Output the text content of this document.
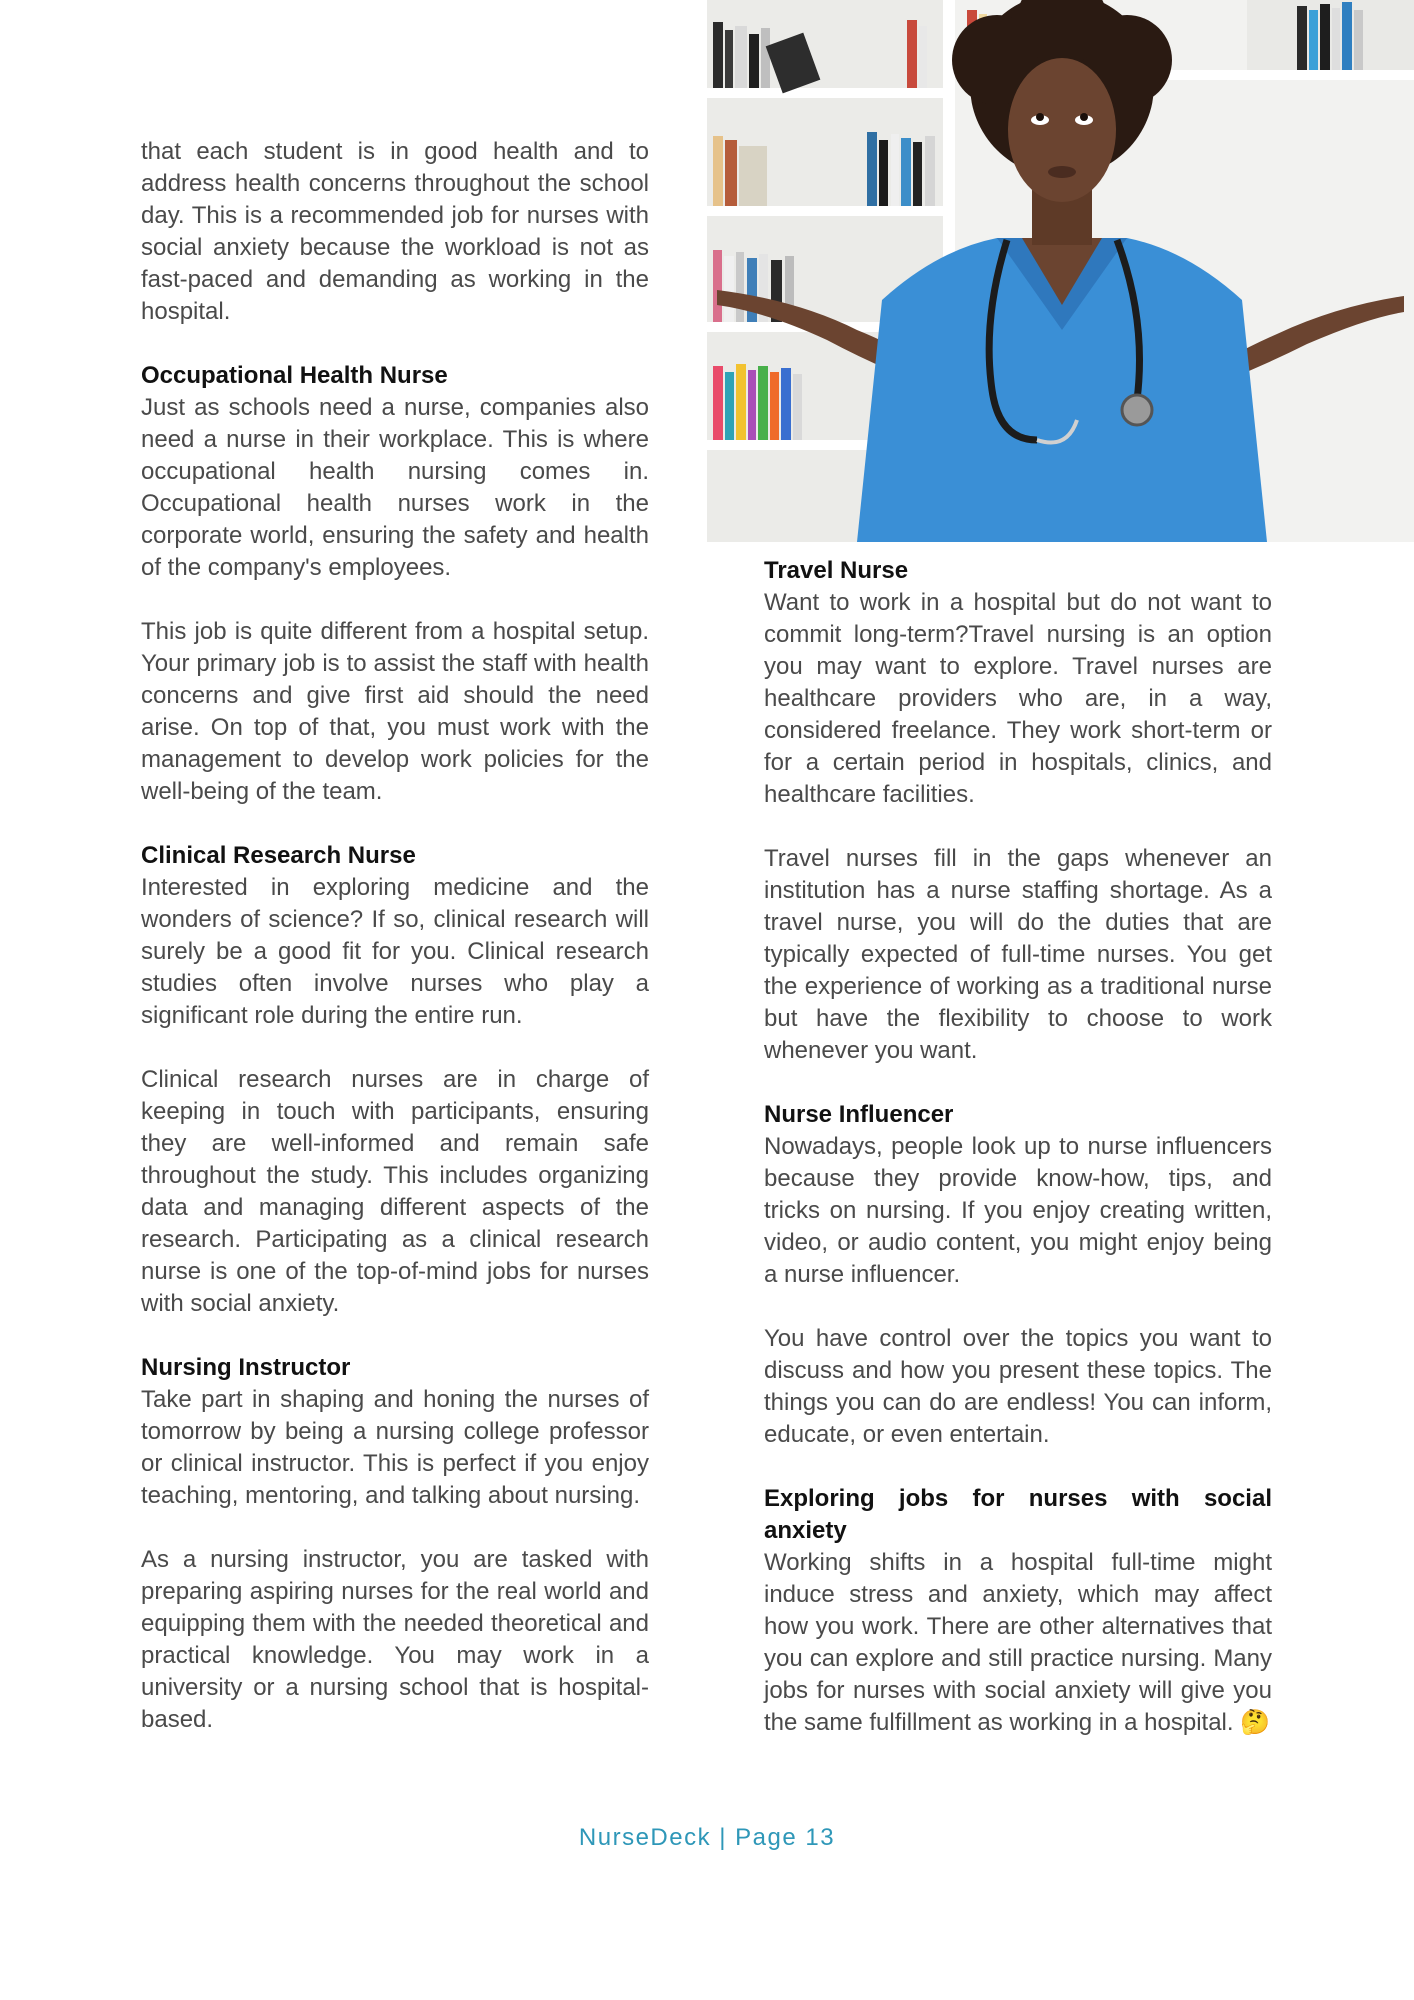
that each student is in good health and to address health concerns throughout the school day. This is a recommended job for nurses with social anxiety because the workload is not as fast-paced and demanding as working in the hospital.

Occupational Health Nurse

Just as schools need a nurse, companies also need a nurse in their workplace. This is where occupational health nursing comes in. Occupational health nurses work in the corporate world, ensuring the safety and health of the company's employees.

This job is quite different from a hospital setup. Your primary job is to assist the staff with health concerns and give first aid should the need arise. On top of that, you must work with the management to develop work policies for the well-being of the team.

Clinical Research Nurse

Interested in exploring medicine and the wonders of science? If so, clinical research will surely be a good fit for you. Clinical research studies often involve nurses who play a significant role during the entire run.

Clinical research nurses are in charge of keeping in touch with participants, ensuring they are well-informed and remain safe throughout the study. This includes organizing data and managing different aspects of the research. Participating as a clinical research nurse is one of the top-of-mind jobs for nurses with social anxiety.

Nursing Instructor

Take part in shaping and honing the nurses of tomorrow by being a nursing college professor or clinical instructor. This is perfect if you enjoy teaching, mentoring, and talking about nursing.

As a nursing instructor, you are tasked with preparing aspiring nurses for the real world and equipping them with the needed theoretical and practical knowledge. You may work in a university or a nursing school that is hospital-based.

Travel Nurse

Want to work in a hospital but do not want to commit long-term?Travel nursing is an option you may want to explore. Travel nurses are healthcare providers who are, in a way, considered freelance. They work short-term or for a certain period in hospitals, clinics, and healthcare facilities.

Travel nurses fill in the gaps whenever an institution has a nurse staffing shortage. As a travel nurse, you will do the duties that are typically expected of full-time nurses. You get the experience of working as a traditional nurse but have the flexibility to choose to work whenever you want.

Nurse Influencer

Nowadays, people look up to nurse influencers because they provide know-how, tips, and tricks on nursing. If you enjoy creating written, video, or audio content, you might enjoy being a nurse influencer.

You have control over the topics you want to discuss and how you present these topics. The things you can do are endless! You can inform, educate, or even entertain.

Exploring jobs for nurses with social anxiety

Working shifts in a hospital full-time might induce stress and anxiety, which may affect how you work. There are other alternatives that you can explore and still practice nursing. Many jobs for nurses with social anxiety will give you the same fulfillment as working in a hospital. 🤔

NurseDeck | Page 13
